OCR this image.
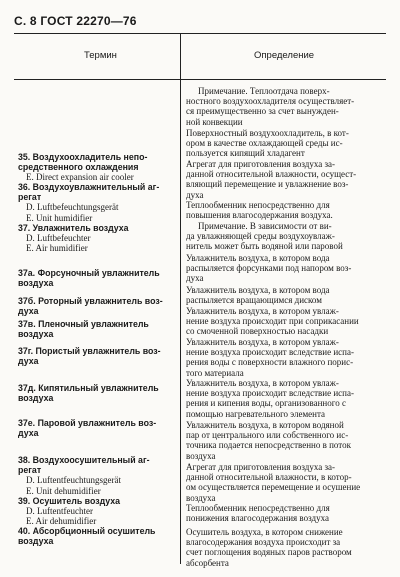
С. 8 ГОСТ 22270—76
Термин	Определение
35. Воздухоохладитель непо-
средственного охлаждения
E. Direct expansion air cooler
36. Воздухоувлажнительный аг-
регат
D. Luftbefeuchtungsgerät
E. Unit humidifier
37. Увлажнитель воздуха
D. Luftbefeuchter
E. Air humidifier
37а. Форсуночный увлажнитель
воздуха
37б. Роторный увлажнитель воз-
духа
37в. Пленочный увлажнитель
воздуха
37г. Пористый увлажнитель воз-
духа
37д. Кипятильный увлажнитель
воздуха
37е. Паровой увлажнитель воз-
духа
38. Воздухоосушительный аг-
регат
D. Luftentfeuchtungsgerät
E. Unit dehumidifier
39. Осушитель воздуха
D. Luftentfeuchter
E. Air dehumidifier
40. Абсорбционный осушитель
воздуха
Примечание. Теплоотдача поверх-
ностного воздухоохладителя осуществляет-
ся преимущественно за счет вынужден-
ной конвекции
Поверхностный воздухоохладитель, в кот-
ором в качестве охлаждающей среды ис-
пользуется кипящий хладагент
Агрегат для приготовления воздуха за-
данной относительной влажности, осущест-
вляющий перемещение и увлажнение воз-
духа
Теплообменник непосредственно для
повышения влагосодержания воздуха.
Примечание. В зависимости от ви-
да увлажняющей среды воздухоувлаж-
нитель может быть водяной или паровой
Увлажнитель воздуха, в котором вода
распыляется форсунками под напором воз-
духа
Увлажнитель воздуха, в котором вода
распыляется вращающимся диском
Увлажнитель воздуха, в котором увлаж-
нение воздуха происходит при соприкасании
со смоченной поверхностью насадки
Увлажнитель воздуха, в котором увлаж-
нение воздуха происходит вследствие испа-
рения воды с поверхности влажного порис-
того материала
Увлажнитель воздуха, в котором увлаж-
нение воздуха происходит вследствие испа-
рения и кипения воды, организованного с
помощью нагревательного элемента
Увлажнитель воздуха, в котором водяной
пар от центрального или собственного ис-
точника подается непосредственно в поток
воздуха
Агрегат для приготовления воздуха за-
данной относительной влажности, в котор-
ом осуществляется перемещение и осушение
воздуха
Теплообменник непосредственно для
понижения влагосодержания воздуха
Осушитель воздуха, в котором снижение
влагосодержания воздуха происходит за
счет поглощения водяных паров раствором
абсорбента
